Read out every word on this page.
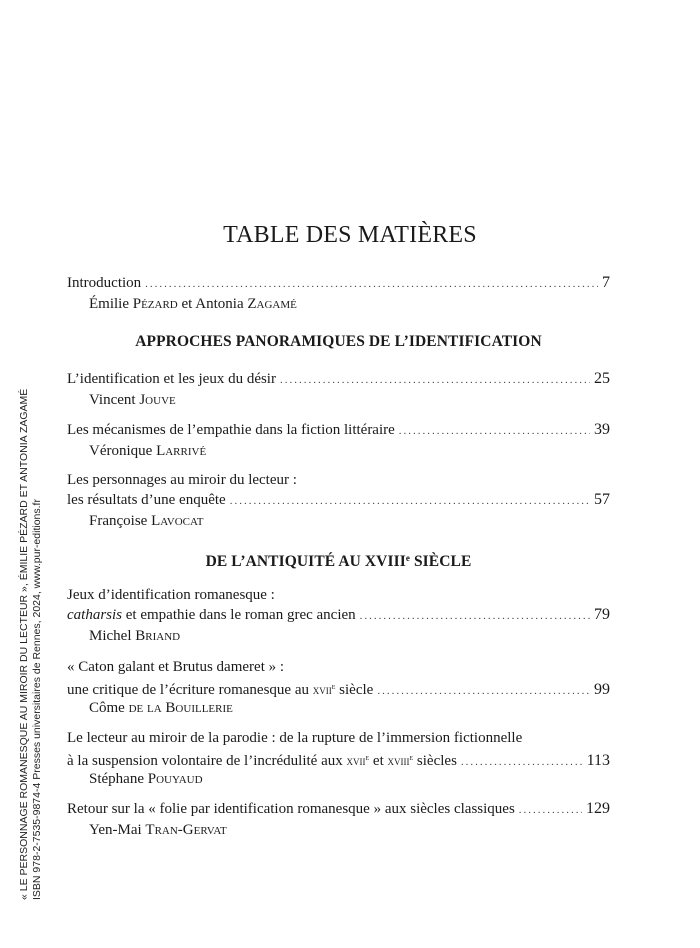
« LE PERSONNAGE ROMANESQUE AU MIROIR DU LECTEUR », ÉMILIE PÉZARD ET ANTONIA ZAGAMÉ ISBN 978-2-7535-9874-4 Presses universitaires de Rennes, 2024, www.pur-editions.fr
TABLE DES MATIÈRES
Introduction .....	7
Émilie Pézard et Antonia Zagamé
APPROCHES PANORAMIQUES DE L’IDENTIFICATION
L’identification et les jeux du désir .....	25
Vincent Jouve
Les mécanismes de l’empathie dans la fiction littéraire .....	39
Véronique Larrivé
Les personnages au miroir du lecteur :
les résultats d’une enquête .....	57
Françoise Lavocat
DE L’ANTIQUITÉ AU XVIIIe SIÈCLE
Jeux d’identification romanesque :
catharsis et empathie dans le roman grec ancien .....	79
Michel Briand
« Caton galant et Brutus dameret » :
une critique de l’écriture romanesque au xvii$^e$ siècle .....	99
Côme de la Bouillerie
Le lecteur au miroir de la parodie : de la rupture de l’immersion fictionnelle
à la suspension volontaire de l’incrédulité aux xvii$^e$ et xviii$^e$ siècles .....	113
Stéphane Pouyaud
Retour sur la « folie par identification romanesque » aux siècles classiques .....	129
Yen-Mai Tran-Gervat
